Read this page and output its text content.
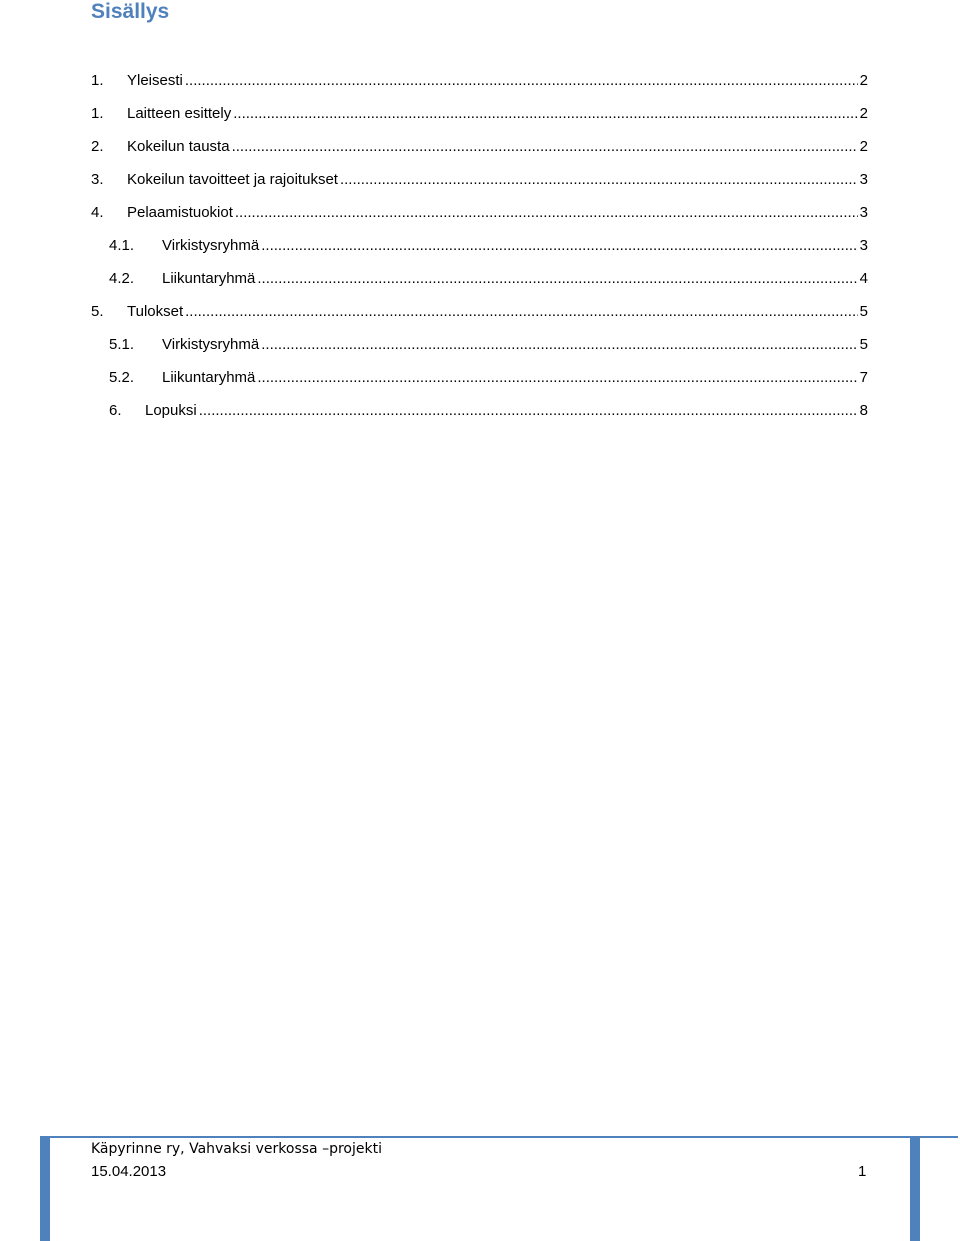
Sisällys
1.	Yleisesti .....	2
1.	Laitteen esittely .....	2
2.	Kokeilun tausta .....	2
3.	Kokeilun tavoitteet ja rajoitukset .....	3
4.	Pelaamistuokiot .....	3
4.1.	Virkistysryhmä .....	3
4.2.	Liikuntaryhmä .....	4
5.	Tulokset .....	5
5.1.	Virkistysryhmä .....	5
5.2.	Liikuntaryhmä .....	7
6.	Lopuksi .....	8
Käpyrinne ry, Vahvaksi verkossa –projekti
15.04.2013	1
